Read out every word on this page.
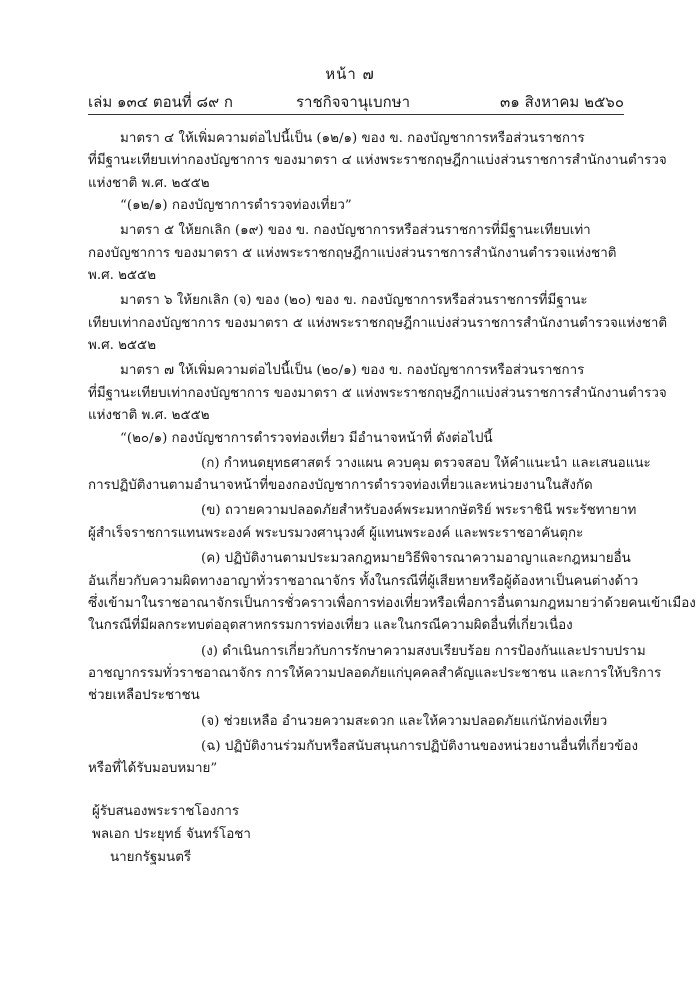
หน้า ๗
เล่ม ๑๓๔ ตอนที่ ๘๙ ก	ราชกิจจานุเบกษา	๓๑ สิงหาคม ๒๕๖๐
มาตรา ๔ ให้เพิ่มความต่อไปนี้เป็น (๑๒/๑) ของ ข. กองบัญชาการหรือส่วนราชการ
ที่มีฐานะเทียบเท่ากองบัญชาการ ของมาตรา ๔ แห่งพระราชกฤษฎีกาแบ่งส่วนราชการสำนักงานตำรวจ
แห่งชาติ พ.ศ. ๒๕๕๒
“(๑๒/๑) กองบัญชาการตำรวจท่องเที่ยว”
มาตรา ๕ ให้ยกเลิก (๑๙) ของ ข. กองบัญชาการหรือส่วนราชการที่มีฐานะเทียบเท่า
กองบัญชาการ ของมาตรา ๕ แห่งพระราชกฤษฎีกาแบ่งส่วนราชการสำนักงานตำรวจแห่งชาติ
พ.ศ. ๒๕๕๒
มาตรา ๖ ให้ยกเลิก (จ) ของ (๒๐) ของ ข. กองบัญชาการหรือส่วนราชการที่มีฐานะ
เทียบเท่ากองบัญชาการ ของมาตรา ๕ แห่งพระราชกฤษฎีกาแบ่งส่วนราชการสำนักงานตำรวจแห่งชาติ
พ.ศ. ๒๕๕๒
มาตรา ๗ ให้เพิ่มความต่อไปนี้เป็น (๒๐/๑) ของ ข. กองบัญชาการหรือส่วนราชการ
ที่มีฐานะเทียบเท่ากองบัญชาการ ของมาตรา ๕ แห่งพระราชกฤษฎีกาแบ่งส่วนราชการสำนักงานตำรวจ
แห่งชาติ พ.ศ. ๒๕๕๒
“(๒๐/๑) กองบัญชาการตำรวจท่องเที่ยว มีอำนาจหน้าที่ ดังต่อไปนี้
(ก) กำหนดยุทธศาสตร์ วางแผน ควบคุม ตรวจสอบ ให้คำแนะนำ และเสนอแนะ
การปฏิบัติงานตามอำนาจหน้าที่ของกองบัญชาการตำรวจท่องเที่ยวและหน่วยงานในสังกัด
(ข) ถวายความปลอดภัยสำหรับองค์พระมหากษัตริย์ พระราชินี พระรัชทายาท
ผู้สำเร็จราชการแทนพระองค์ พระบรมวงศานุวงศ์ ผู้แทนพระองค์ และพระราชอาคันตุกะ
(ค) ปฏิบัติงานตามประมวลกฎหมายวิธีพิจารณาความอาญาและกฎหมายอื่น
อันเกี่ยวกับความผิดทางอาญาทั่วราชอาณาจักร ทั้งในกรณีที่ผู้เสียหายหรือผู้ต้องหาเป็นคนต่างด้าว
ซึ่งเข้ามาในราชอาณาจักรเป็นการชั่วคราวเพื่อการท่องเที่ยวหรือเพื่อการอื่นตามกฎหมายว่าด้วยคนเข้าเมือง
ในกรณีที่มีผลกระทบต่ออุตสาหกรรมการท่องเที่ยว และในกรณีความผิดอื่นที่เกี่ยวเนื่อง
(ง) ดำเนินการเกี่ยวกับการรักษาความสงบเรียบร้อย การป้องกันและปราบปราม
อาชญากรรมทั่วราชอาณาจักร การให้ความปลอดภัยแก่บุคคลสำคัญและประชาชน และการให้บริการ
ช่วยเหลือประชาชน
(จ) ช่วยเหลือ อำนวยความสะดวก และให้ความปลอดภัยแก่นักท่องเที่ยว
(ฉ) ปฏิบัติงานร่วมกับหรือสนับสนุนการปฏิบัติงานของหน่วยงานอื่นที่เกี่ยวข้อง
หรือที่ได้รับมอบหมาย”
ผู้รับสนองพระราชโองการ
พลเอก ประยุทธ์ จันทร์โอชา
นายกรัฐมนตรี
